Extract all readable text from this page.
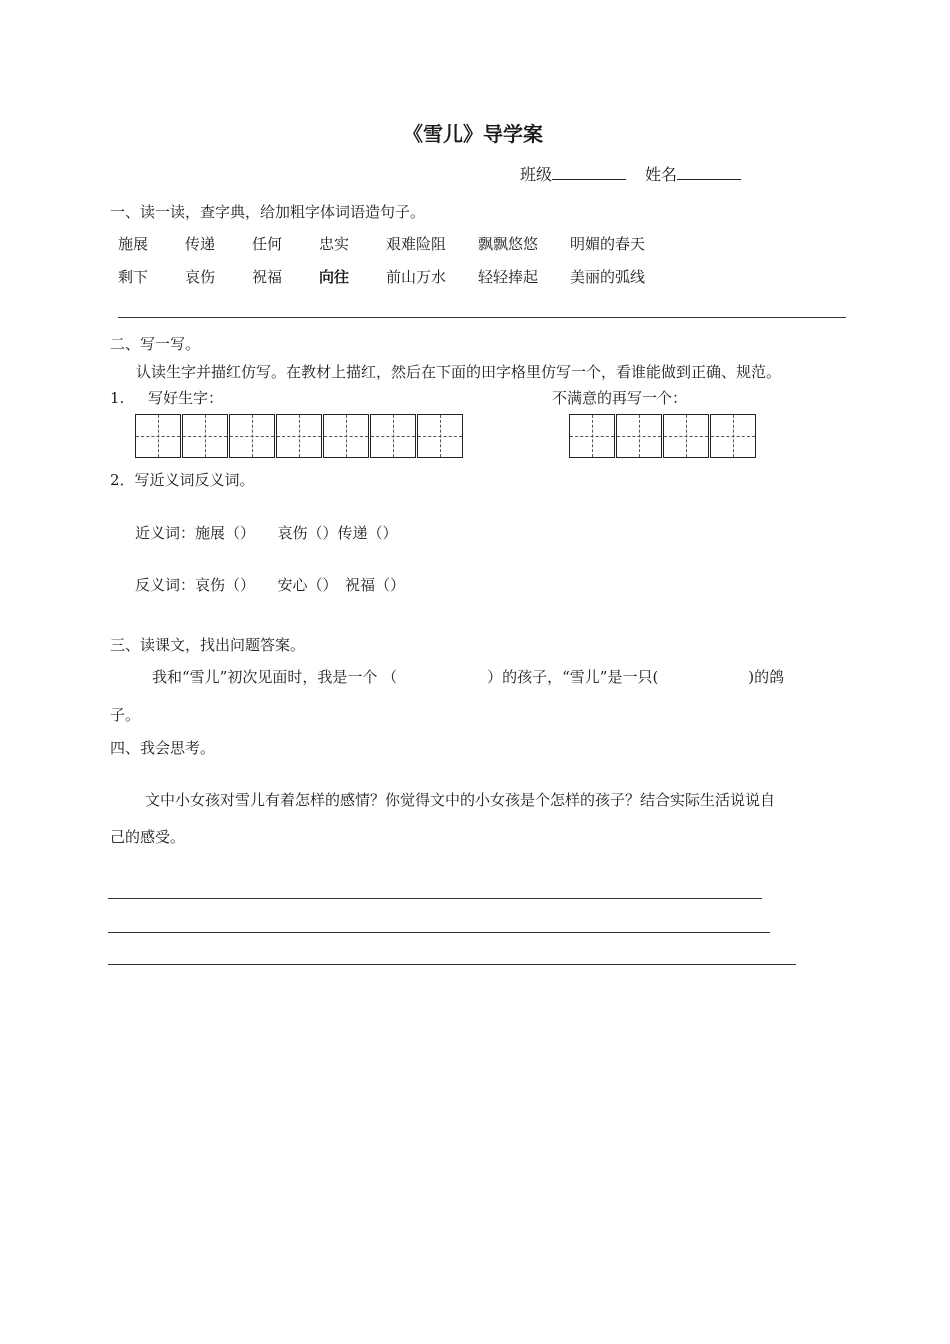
《雪儿》导学案
班级	姓名
一、读一读，查字典，给加粗字体词语造句子。
施展 传递 任何 忠实 艰难险阻 飘飘悠悠 明媚的春天
剩下 哀伤 祝福 向往 前山万水 轻轻捧起 美丽的弧线
二、写一写。
认读生字并描红仿写。在教材上描红，然后在下面的田字格里仿写一个，看谁能做到正确、规范。
1. 写好生字：	不满意的再写一个：
2．写近义词反义词。
近义词：施展（）　　哀伤（）传递（）
反义词：哀伤（）　　安心（）　祝福（）
三、读课文，找出问题答案。
我和“雪儿”初次见面时，我是一个 （　　　　　　）的孩子，“雪儿”是一只(　　　　　　)的鸽
子。
四、我会思考。
文中小女孩对雪儿有着怎样的感情？你觉得文中的小女孩是个怎样的孩子？结合实际生活说说自
己的感受。
